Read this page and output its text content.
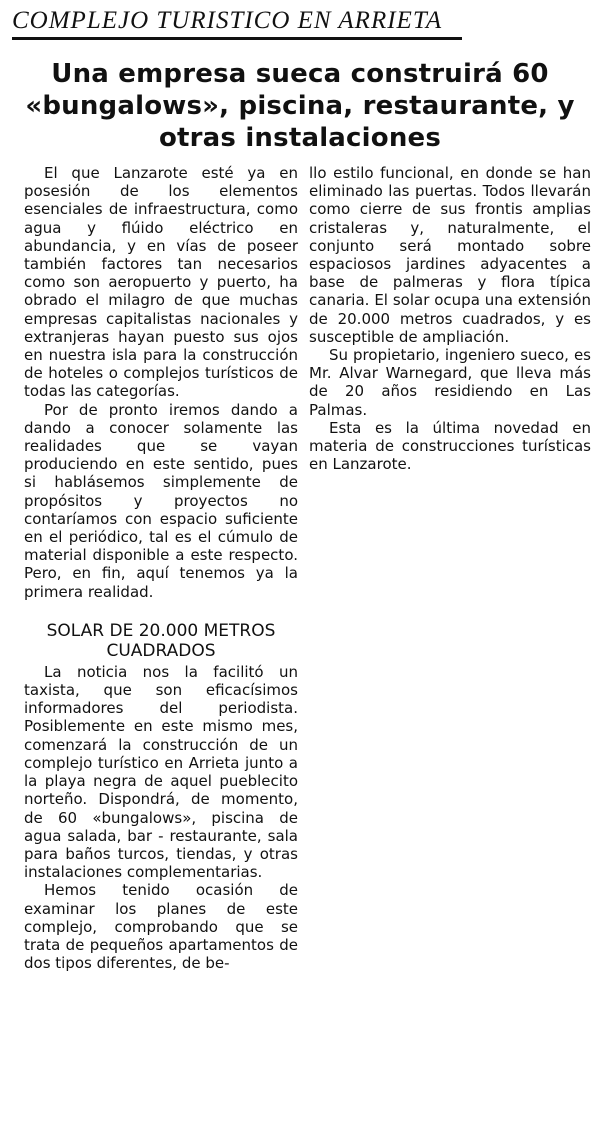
COMPLEJO TURISTICO EN ARRIETA
Una empresa sueca construirá 60 «bungalows», piscina, restaurante, y otras instalaciones

El que Lanzarote esté ya en posesión de los elementos esenciales de infraestructura, como agua y flúido eléctrico en abundancia, y en vías de poseer también factores tan necesarios como son aeropuerto y puerto, ha obrado el milagro de que muchas empresas capitalistas nacionales y extranjeras hayan puesto sus ojos en nuestra isla para la construcción de hoteles o complejos turísticos de todas las categorías.

Por de pronto iremos dando a dando a conocer solamente las realidades que se vayan produciendo en este sentido, pues si hablásemos simplemente de propósitos y proyectos no contaríamos con espacio suficiente en el periódico, tal es el cúmulo de material disponible a este respecto. Pero, en fin, aquí tenemos ya la primera realidad.

SOLAR DE 20.000 METROS CUADRADOS

La noticia nos la facilitó un taxista, que son eficacísimos informadores del periodista. Posiblemente en este mismo mes, comenzará la construcción de un complejo turístico en Arrieta junto a la playa negra de aquel pueblecito norteño. Dispondrá, de momento, de 60 «bungalows», piscina de agua salada, bar - restaurante, sala para baños turcos, tiendas, y otras instalaciones complementarias.

Hemos tenido ocasión de examinar los planes de este complejo, comprobando que se trata de pequeños apartamentos de dos tipos diferentes, de be-

llo estilo funcional, en donde se han eliminado las puertas. Todos llevarán como cierre de sus frontis amplias cristaleras y, naturalmente, el conjunto será montado sobre espaciosos jardines adyacentes a base de palmeras y flora típica canaria. El solar ocupa una extensión de 20.000 metros cuadrados, y es susceptible de ampliación.

Su propietario, ingeniero sueco, es Mr. Alvar Warnegard, que lleva más de 20 años residiendo en Las Palmas.

Esta es la última novedad en materia de construcciones turísticas en Lanzarote.
